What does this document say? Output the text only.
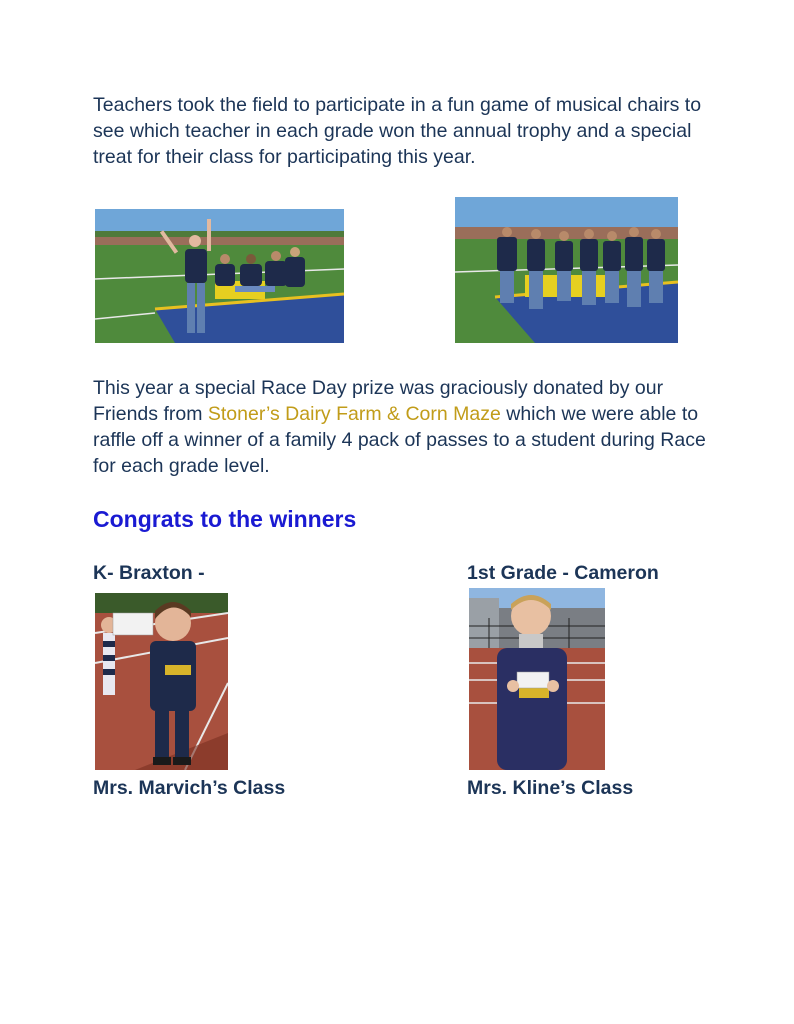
Teachers took the field to participate in a fun game of musical chairs to see which teacher in each grade won the annual trophy and a special treat for their class for participating this year.

This year a special Race Day prize was graciously donated by our Friends from Stoner’s Dairy Farm & Corn Maze which we were able to raffle off a winner of a family 4 pack of passes to a student during Race for each grade level.

Congrats to the winners
K- Braxton -	1st Grade - Cameron
Mrs. Marvich’s Class	Mrs. Kline’s Class
